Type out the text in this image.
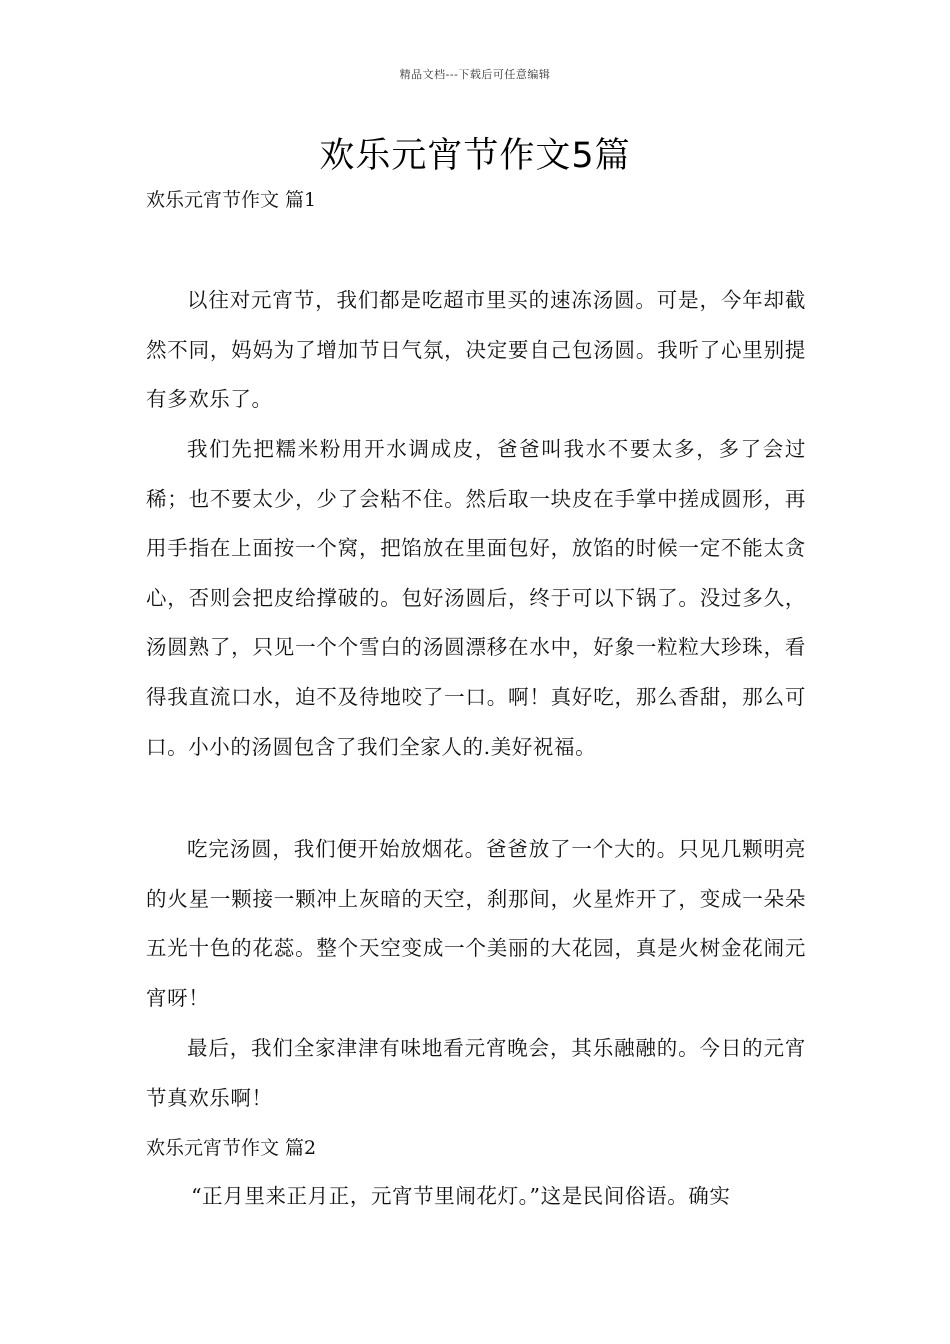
精品文档---下载后可任意编辑
欢乐元宵节作文5篇
欢乐元宵节作文 篇1
以往对元宵节，我们都是吃超市里买的速冻汤圆。可是，今年却截然不同，妈妈为了增加节日气氛，决定要自己包汤圆。我听了心里别提有多欢乐了。
我们先把糯米粉用开水调成皮，爸爸叫我水不要太多，多了会过稀；也不要太少，少了会粘不住。然后取一块皮在手掌中搓成圆形，再用手指在上面按一个窝，把馅放在里面包好，放馅的时候一定不能太贪心，否则会把皮给撑破的。包好汤圆后，终于可以下锅了。没过多久，汤圆熟了，只见一个个雪白的汤圆漂移在水中，好象一粒粒大珍珠，看得我直流口水，迫不及待地咬了一口。啊！真好吃，那么香甜，那么可口。小小的汤圆包含了我们全家人的.美好祝福。
吃完汤圆，我们便开始放烟花。爸爸放了一个大的。只见几颗明亮的火星一颗接一颗冲上灰暗的天空，刹那间，火星炸开了，变成一朵朵五光十色的花蕊。整个天空变成一个美丽的大花园，真是火树金花闹元宵呀！
最后，我们全家津津有味地看元宵晚会，其乐融融的。今日的元宵节真欢乐啊！
欢乐元宵节作文 篇2
“正月里来正月正，元宵节里闹花灯。”这是民间俗语。确实
